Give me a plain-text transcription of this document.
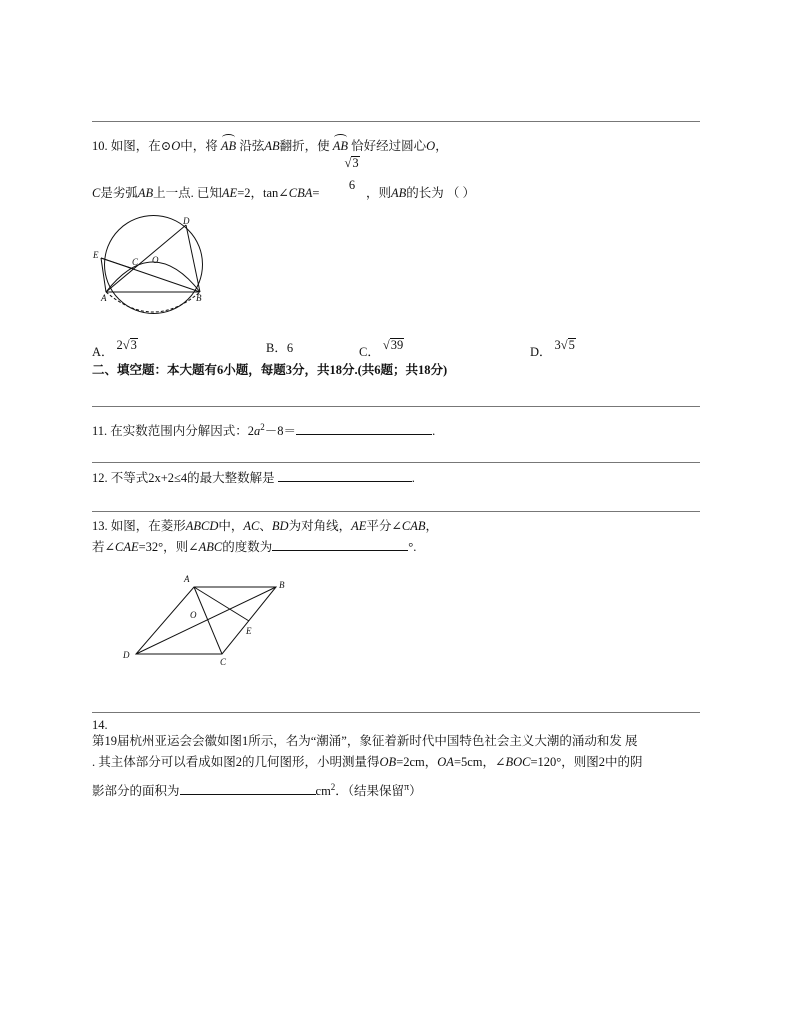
10. 如图，在⊙O中，将 AB 沿弦AB翻折，使 AB 恰好经过圆心O，
√3
6
C是劣弧AB上一点. 已知AE=2，tan∠CBA=	，则AB的长为 （ ）
D
E
C O
A	B
A． 2√3	B．6	C． √39	D． 3√5
二、填空题：本大题有6小题，每题3分，共18分.(共6题；共18分)
11. 在实数范围内分解因式：$2a^2-8=$	.
12. 不等式2x+2≤4的最大整数解是	.
13. 如图，在菱形ABCD中，AC、BD为对角线，AE平分∠CAB，
若∠CAE=32°，则∠ABC的度数为	°.
A
B
O
E
D
C
14.
第19届杭州亚运会会徽如图1所示，名为“潮涌”，象征着新时代中国特色社会主义大潮的涌动和发 展
. 其主体部分可以看成如图2的几何图形，小明测量得OB=2cm，OA=5cm，∠BOC=120°，则图2中的阴
影部分的面积为	$cm^2$．（结果保留$^\pi$）
